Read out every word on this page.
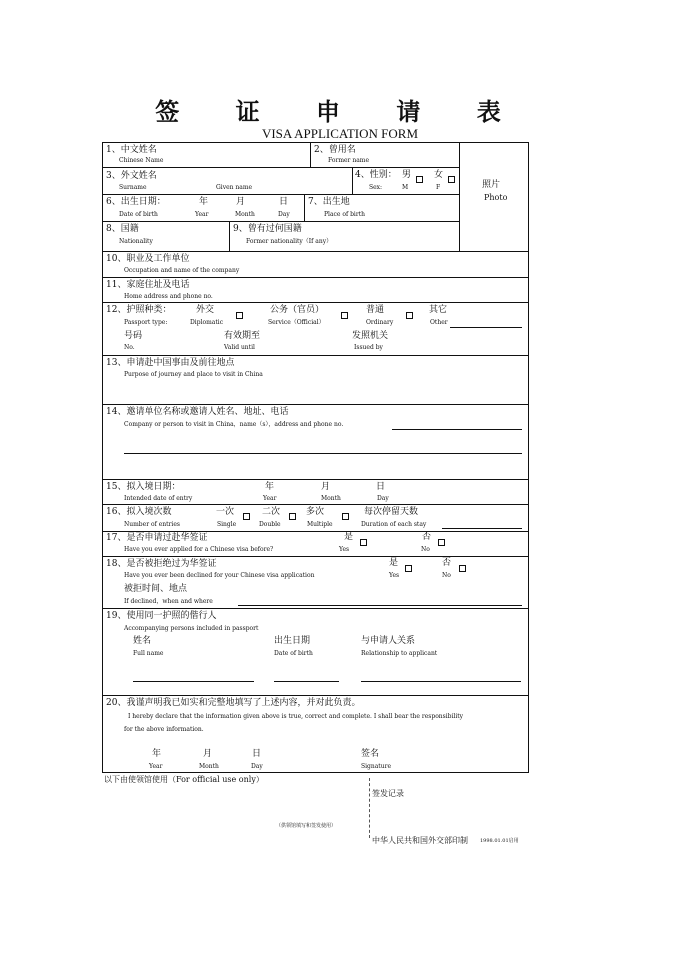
签 证 申 请 表
VISA APPLICATION FORM
照片
Photo
1、中文姓名
Chinese Name
2、曾用名
Former name
3、外文姓名
Surname	Given name
4、性别： 男	女
Sex:	M	F
6、出生日期：	年	月	日
Date of birth	Year	Month	Day
7、出生地
Place of birth
8、国籍
Nationality
9、曾有过何国籍
Former nationality（If any）
10、职业及工作单位
Occupation and name of the company
11、家庭住址及电话
Home address and phone no.
12、护照种类：	外交	公务（官员）	普通	其它
Passport type:	Diplomatic	Service（Official）	Ordinary	Other
号码	有效期至	发照机关
No.	Valid until	Issued by
13、申请赴中国事由及前往地点
Purpose of journey and place to visit in China
14、邀请单位名称或邀请人姓名、地址、电话
Company or person to visit in China，name（s），address and phone no.
15、拟入境日期：	年	月	日
Intended date of entry	Year	Month	Day
16、拟入境次数	一次	二次	多次	每次停留天数
Number of entries	Single	Double	Multiple	Duration of each stay
17、是否申请过赴华签证	是	否
Have you ever applied for a Chinese visa before?	Yes	No
18、是否被拒绝过为华签证	是	否
Have you ever been declined for your Chinese visa application	Yes	No
被拒时间、地点
If declined，when and where
19、使用同一护照的偕行人
Accompanying persons included in passport
姓名	出生日期	与申请人关系
Full name	Date of birth	Relationship to applicant
20、我谨声明我已如实和完整地填写了上述内容，并对此负责。
I hereby declare that the information given above is true, correct and complete. I shall bear the responsibility
for the above information.
年	月	日	签名
Year	Month	Day	Signature
以下由使领馆使用（For official use only）
签发记录
（供领馆填写和签发使用）
中华人民共和国外交部印制 1998.01.01启用
